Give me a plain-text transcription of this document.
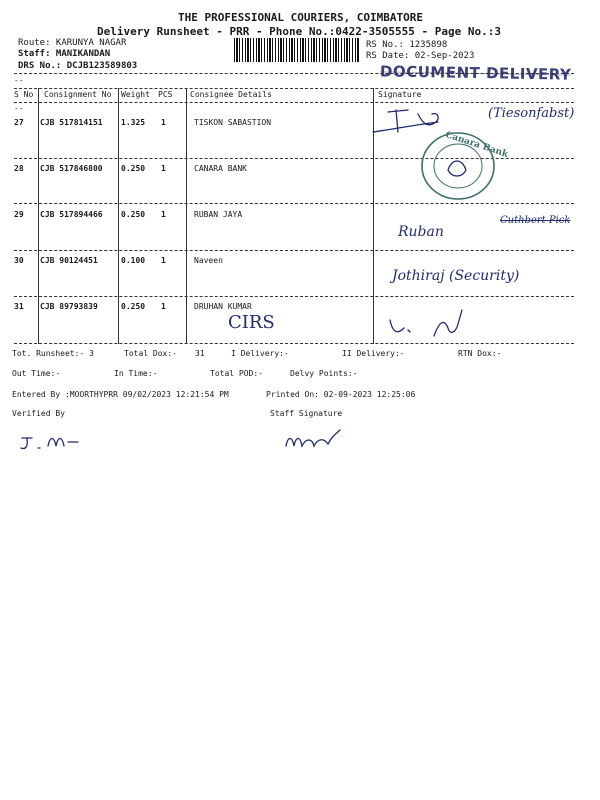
THE PROFESSIONAL COURIERS, COIMBATORE
Delivery Runsheet - PRR - Phone No.:0422-3505555 - Page No.:3
Route: KARUNYA NAGAR
Staff: MANIKANDAN
DRS No.: DCJB123589803
RS No.: 1235898
RS Date: 02-Sep-2023
DOCUMENT DELIVERY
--
S No Consignment No Weight PCS Consignee Details	Signature
--
27 CJB 517814151 1.325 1	TISKON SABASTION
28 CJB 517846800 0.250 1	CANARA BANK
29 CJB 517894466 0.250 1	RUBAN JAYA
30 CJB 90124451	0.100 1	Naveen
31 CJB 89793839	0.250 1	DRUHAN KUMAR
Tot. Runsheet:- 3	Total Dox:- 31	I Delivery:-	II Delivery:-	RTN Dox:-
Out Time:-	In Time:-	Total POD:-	Delvy Points:-
Entered By :MOORTHYPRR 09/02/2023 12:21:54 PM	Printed On: 02-09-2023 12:25:06
Verified By	Staff Signature
(Tiesonfabst)
Canara Bank
Ruban
Cuthbert Pick
Jothiraj (Security)
CIRS
